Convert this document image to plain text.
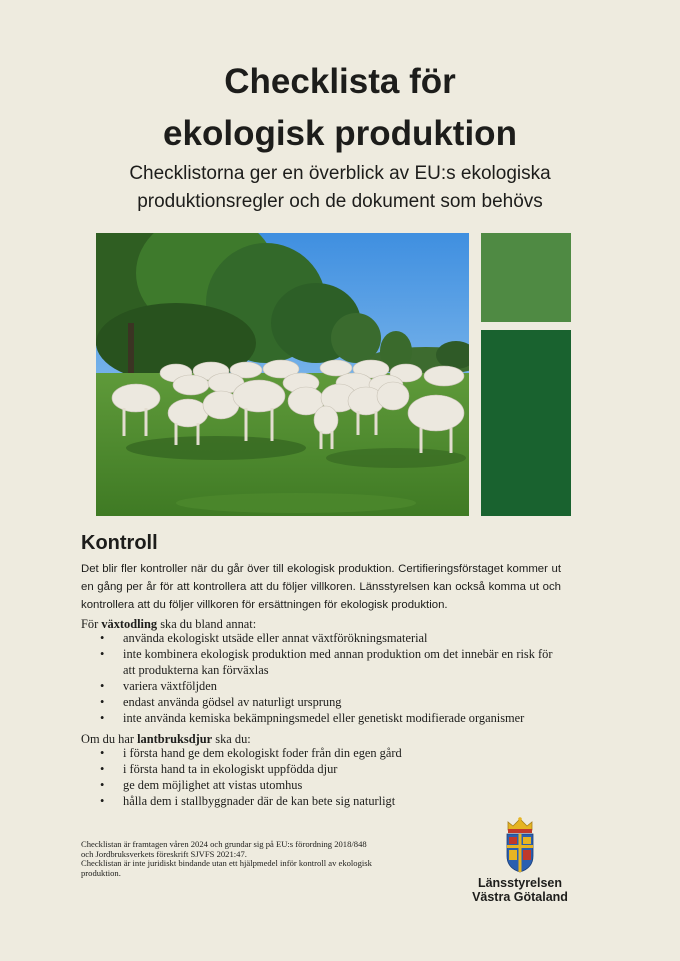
Checklista för
ekologisk produktion
Checklistorna ger en överblick av EU:s ekologiska
produktionsregler och de dokument som behövs
Kontroll
Det blir fler kontroller när du går över till ekologisk produktion. Certifieringsförstaget kommer ut en gång per år för att kontrollera att du följer villkoren. Länsstyrelsen kan också komma ut och kontrollera att du följer villkoren för ersättningen för ekologisk produktion.
För växtodling ska du bland annat:
• använda ekologiskt utsäde eller annat växtförökningsmaterial
• inte kombinera ekologisk produktion med annan produktion om det innebär en risk för att produkterna kan förväxlas
• variera växtföljden
• endast använda gödsel av naturligt ursprung
• inte använda kemiska bekämpningsmedel eller genetiskt modifierade organismer
Om du har lantbruksdjur ska du:
• i första hand ge dem ekologiskt foder från din egen gård
• i första hand ta in ekologiskt uppfödda djur
• ge dem möjlighet att vistas utomhus
• hålla dem i stallbyggnader där de kan bete sig naturligt
Checklistan är framtagen våren 2024 och grundar sig på EU:s förordning 2018/848 och Jordbruksverkets föreskrift SJVFS 2021:47.
Checklistan är inte juridiskt bindande utan ett hjälpmedel inför kontroll av ekologisk produktion.
Länsstyrelsen
Västra Götaland
